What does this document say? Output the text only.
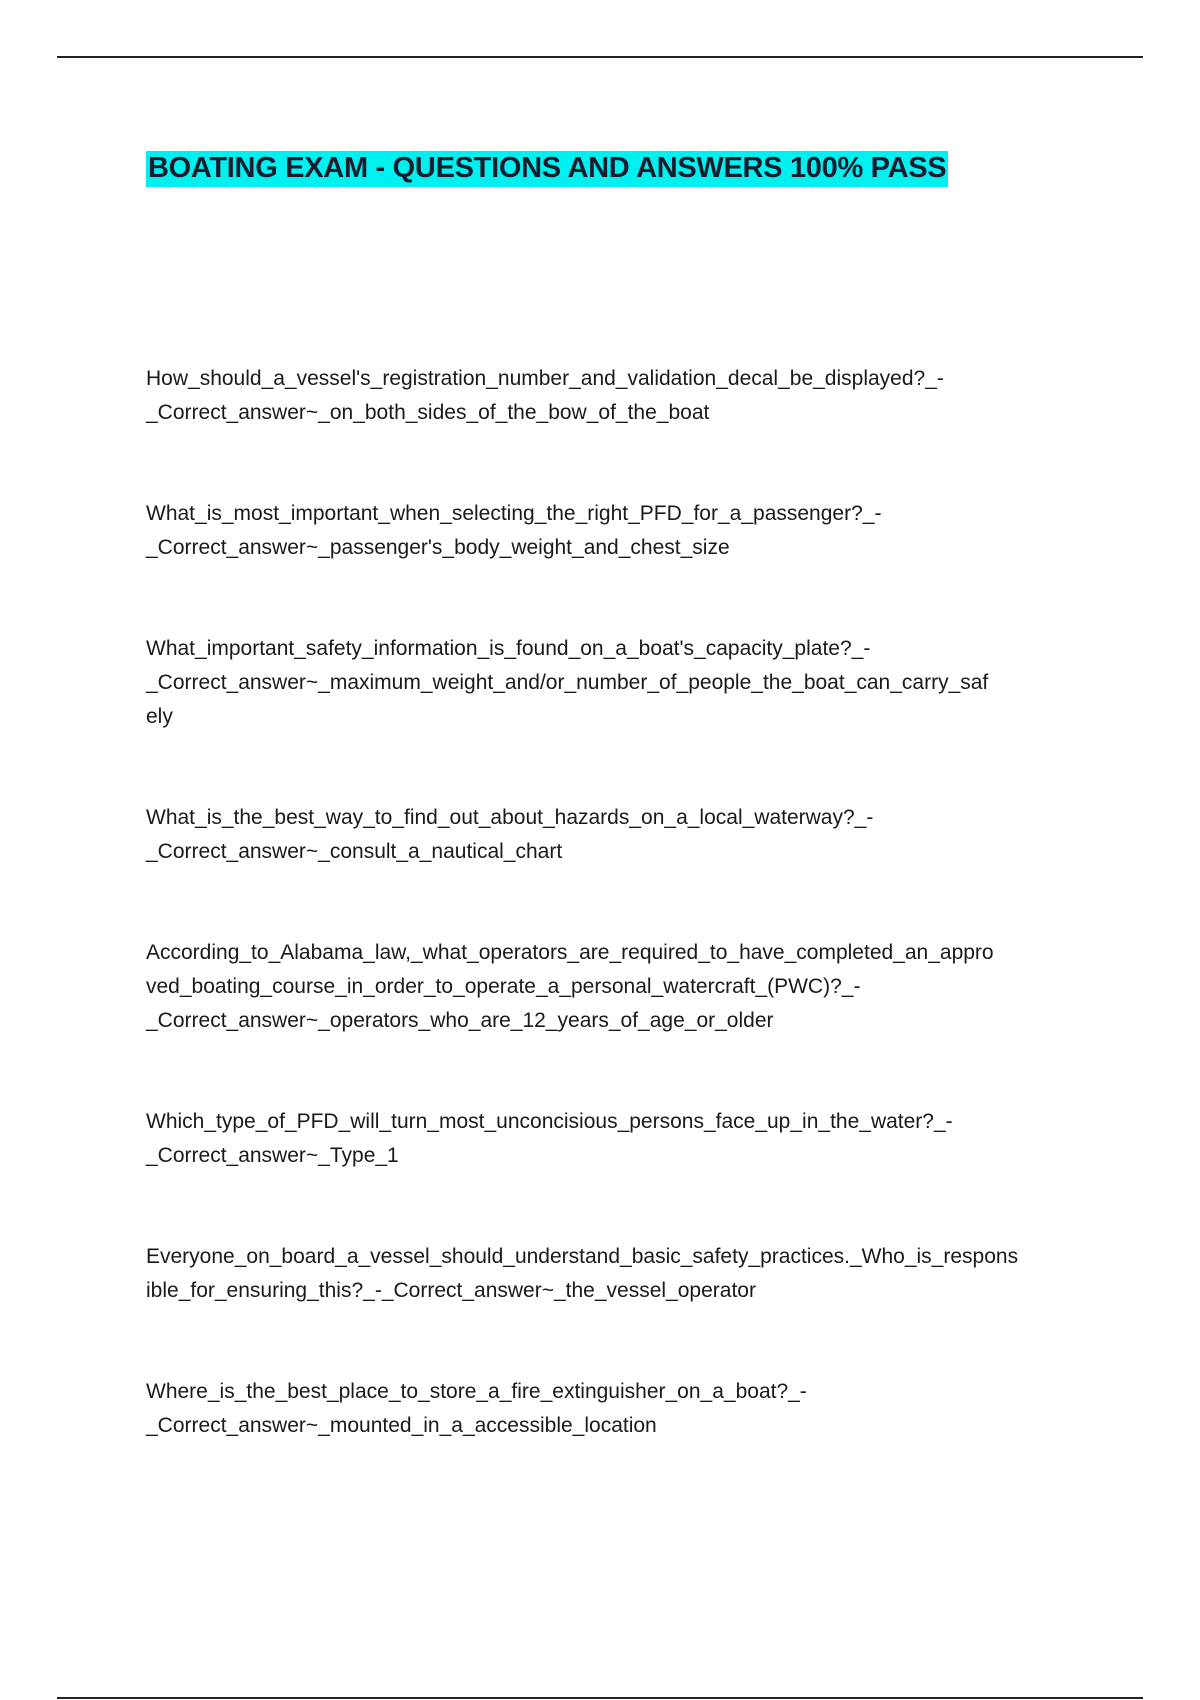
BOATING EXAM - QUESTIONS AND ANSWERS 100% PASS
How_should_a_vessel's_registration_number_and_validation_decal_be_displayed?_-
_Correct_answer~_on_both_sides_of_the_bow_of_the_boat
What_is_most_important_when_selecting_the_right_PFD_for_a_passenger?_-
_Correct_answer~_passenger's_body_weight_and_chest_size
What_important_safety_information_is_found_on_a_boat's_capacity_plate?_-
_Correct_answer~_maximum_weight_and/or_number_of_people_the_boat_can_carry_saf
ely
What_is_the_best_way_to_find_out_about_hazards_on_a_local_waterway?_-
_Correct_answer~_consult_a_nautical_chart
According_to_Alabama_law,_what_operators_are_required_to_have_completed_an_appro
ved_boating_course_in_order_to_operate_a_personal_watercraft_(PWC)?_-
_Correct_answer~_operators_who_are_12_years_of_age_or_older
Which_type_of_PFD_will_turn_most_unconcisious_persons_face_up_in_the_water?_-
_Correct_answer~_Type_1
Everyone_on_board_a_vessel_should_understand_basic_safety_practices._Who_is_respons
ible_for_ensuring_this?_-_Correct_answer~_the_vessel_operator
Where_is_the_best_place_to_store_a_fire_extinguisher_on_a_boat?_-
_Correct_answer~_mounted_in_a_accessible_location
